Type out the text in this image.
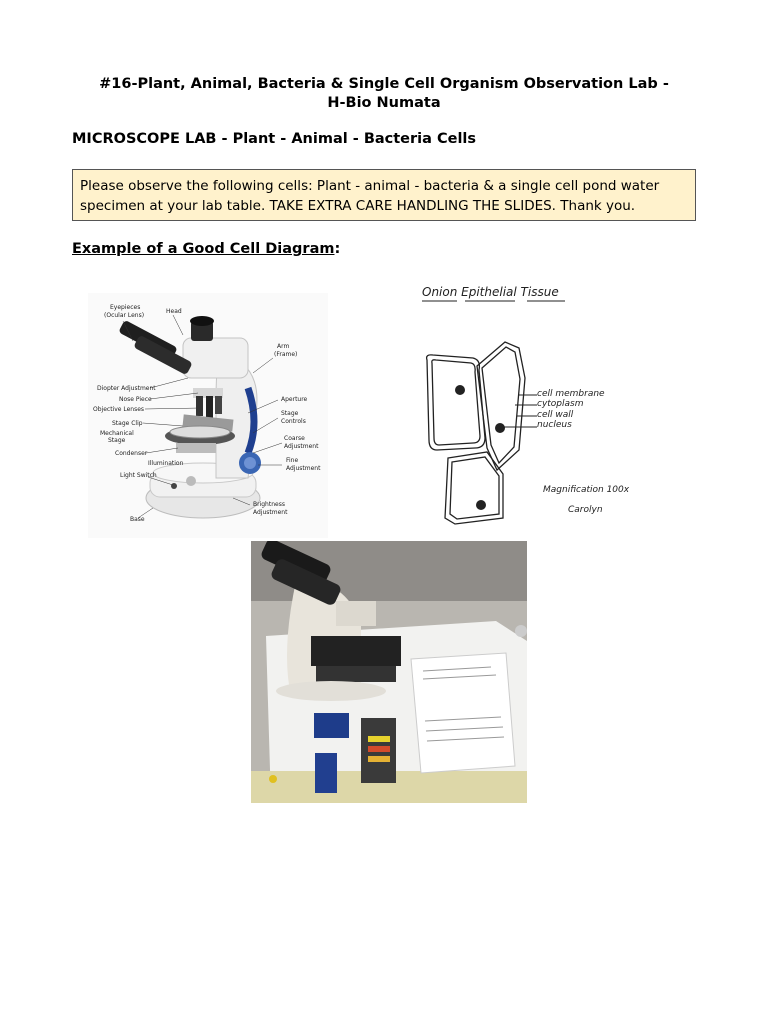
#16-Plant, Animal, Bacteria & Single Cell Organism Observation Lab -
H-Bio Numata
MICROSCOPE LAB - Plant - Animal - Bacteria Cells
Please observe the following cells: Plant - animal - bacteria & a single cell pond water
specimen at your lab table. TAKE EXTRA CARE HANDLING THE SLIDES. Thank you.
Example of a Good Cell Diagram:
Eyepieces
(Ocular Lens)
Head
Arm
(Frame)
Diopter Adjustment
Nose Piece
Objective Lenses
Stage Clip
Mechanical
Stage
Condenser
Illumination
Light Switch
Base
Aperture
Stage
Controls
Coarse
Adjustment
Fine
Adjustment
Brightness
Adjustment
Onion Epithelial Tissue
cell membrane
cytoplasm
cell wall
nucleus
Magnification 100x
Carolyn
